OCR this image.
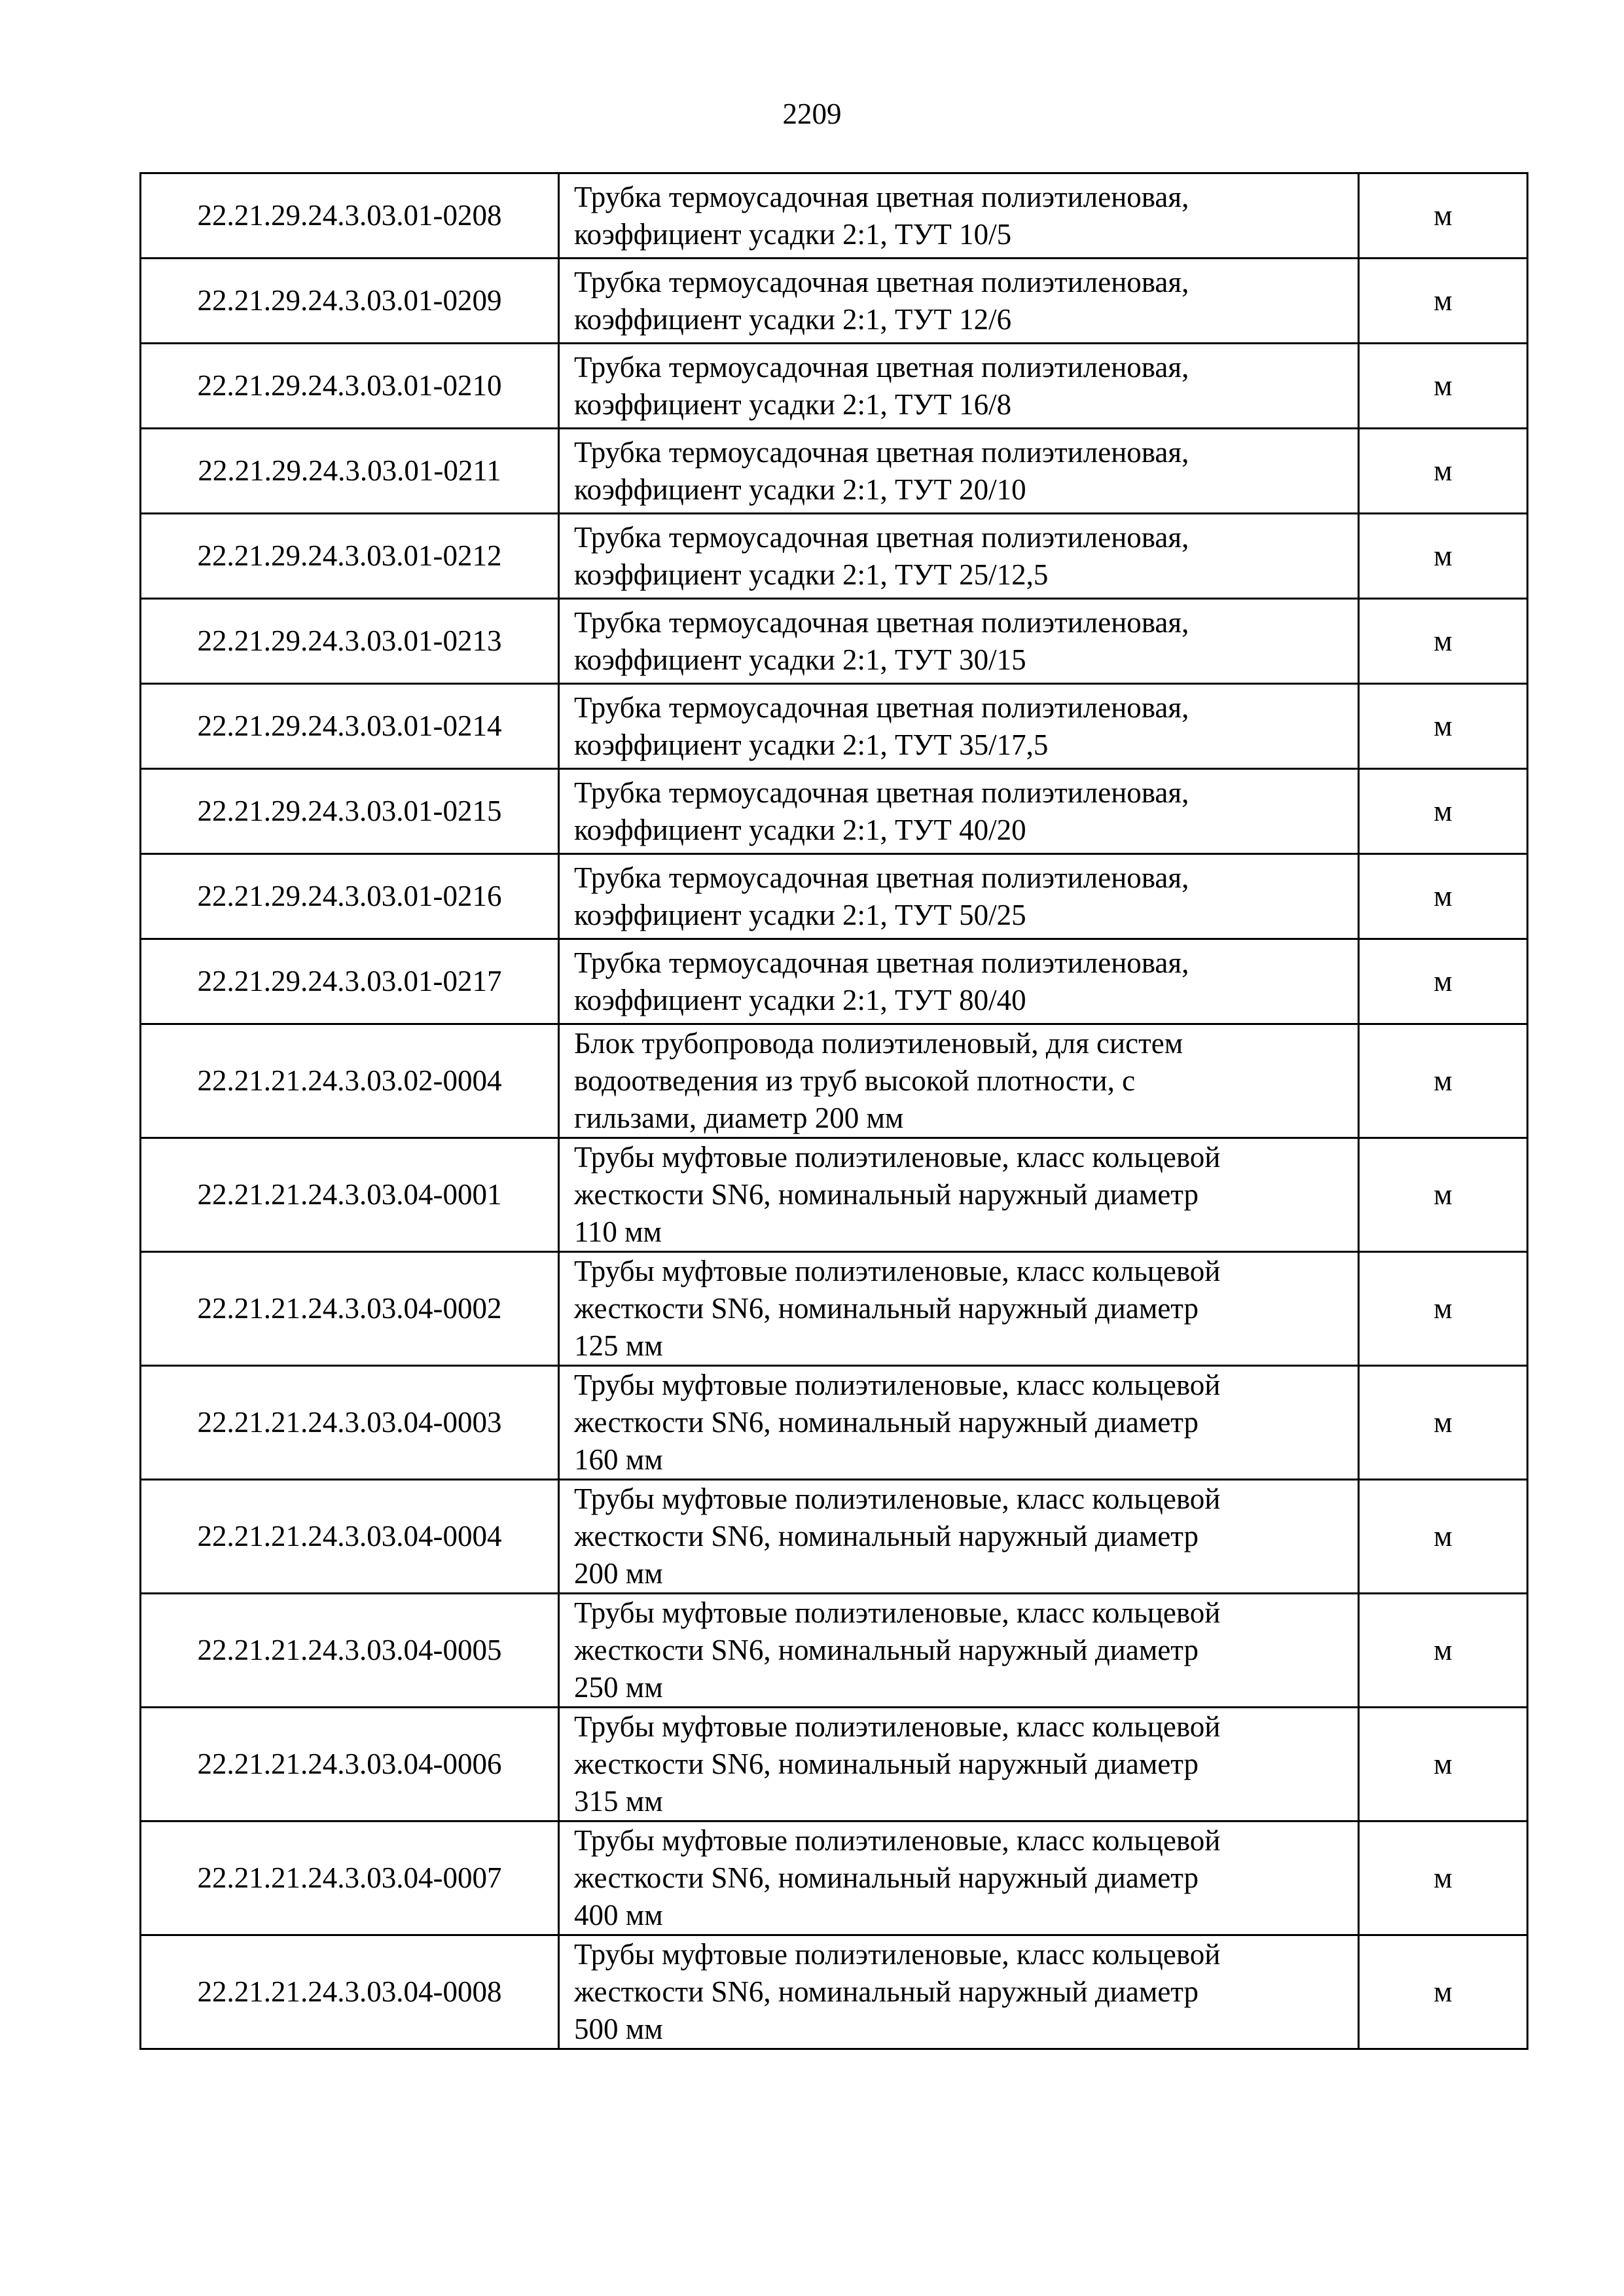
2209
22.21.29.24.3.03.01-0208	Трубка термоусадочная цветная полиэтиленовая,
коэффициент усадки 2:1, ТУТ 10/5	м
22.21.29.24.3.03.01-0209	Трубка термоусадочная цветная полиэтиленовая,
коэффициент усадки 2:1, ТУТ 12/6	м
22.21.29.24.3.03.01-0210	Трубка термоусадочная цветная полиэтиленовая,
коэффициент усадки 2:1, ТУТ 16/8	м
22.21.29.24.3.03.01-0211	Трубка термоусадочная цветная полиэтиленовая,
коэффициент усадки 2:1, ТУТ 20/10	м
22.21.29.24.3.03.01-0212	Трубка термоусадочная цветная полиэтиленовая,
коэффициент усадки 2:1, ТУТ 25/12,5	м
22.21.29.24.3.03.01-0213	Трубка термоусадочная цветная полиэтиленовая,
коэффициент усадки 2:1, ТУТ 30/15	м
22.21.29.24.3.03.01-0214	Трубка термоусадочная цветная полиэтиленовая,
коэффициент усадки 2:1, ТУТ 35/17,5	м
22.21.29.24.3.03.01-0215	Трубка термоусадочная цветная полиэтиленовая,
коэффициент усадки 2:1, ТУТ 40/20	м
22.21.29.24.3.03.01-0216	Трубка термоусадочная цветная полиэтиленовая,
коэффициент усадки 2:1, ТУТ 50/25	м
22.21.29.24.3.03.01-0217	Трубка термоусадочная цветная полиэтиленовая,
коэффициент усадки 2:1, ТУТ 80/40	м
22.21.21.24.3.03.02-0004	Блок трубопровода полиэтиленовый, для систем
водоотведения из труб высокой плотности, с
гильзами, диаметр 200 мм	м
22.21.21.24.3.03.04-0001	Трубы муфтовые полиэтиленовые, класс кольцевой
жесткости SN6, номинальный наружный диаметр
110 мм	м
22.21.21.24.3.03.04-0002	Трубы муфтовые полиэтиленовые, класс кольцевой
жесткости SN6, номинальный наружный диаметр
125 мм	м
22.21.21.24.3.03.04-0003	Трубы муфтовые полиэтиленовые, класс кольцевой
жесткости SN6, номинальный наружный диаметр
160 мм	м
22.21.21.24.3.03.04-0004	Трубы муфтовые полиэтиленовые, класс кольцевой
жесткости SN6, номинальный наружный диаметр
200 мм	м
22.21.21.24.3.03.04-0005	Трубы муфтовые полиэтиленовые, класс кольцевой
жесткости SN6, номинальный наружный диаметр
250 мм	м
22.21.21.24.3.03.04-0006	Трубы муфтовые полиэтиленовые, класс кольцевой
жесткости SN6, номинальный наружный диаметр
315 мм	м
22.21.21.24.3.03.04-0007	Трубы муфтовые полиэтиленовые, класс кольцевой
жесткости SN6, номинальный наружный диаметр
400 мм	м
22.21.21.24.3.03.04-0008	Трубы муфтовые полиэтиленовые, класс кольцевой
жесткости SN6, номинальный наружный диаметр
500 мм	м
